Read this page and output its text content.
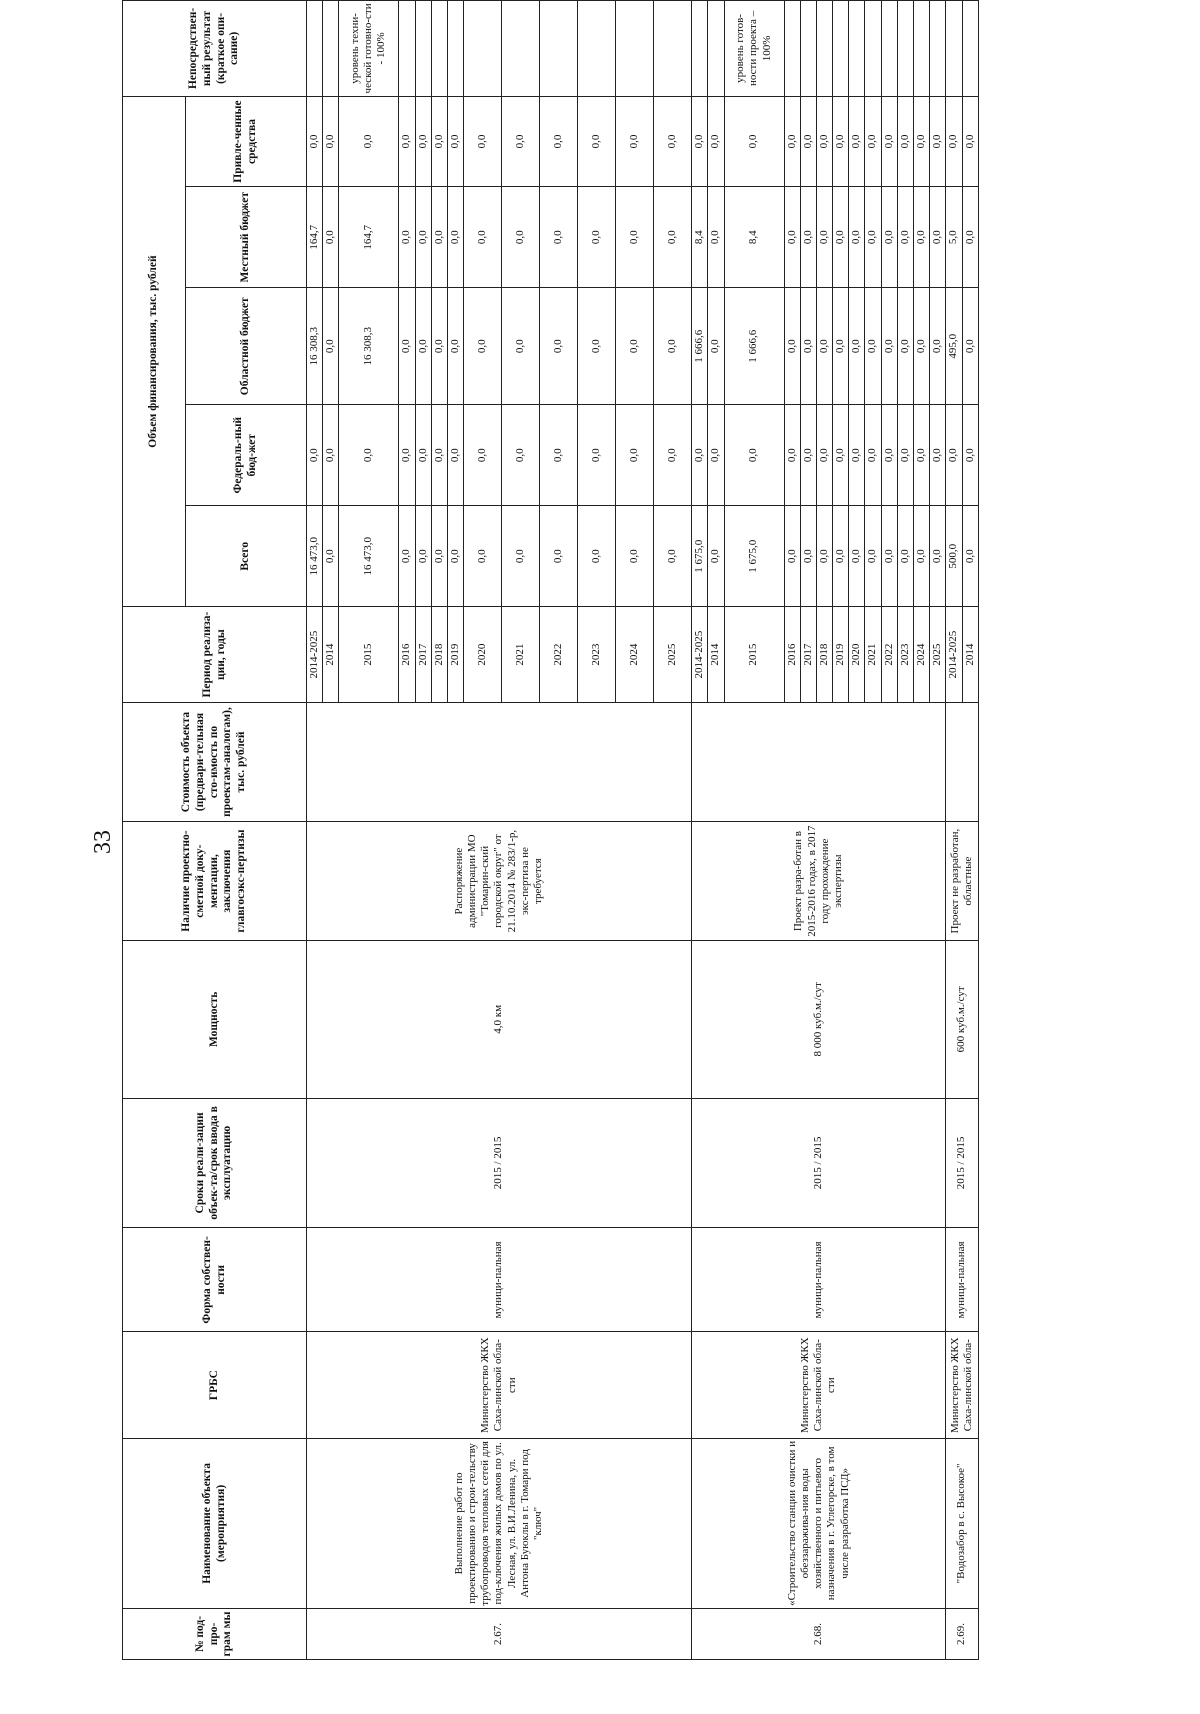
33
№ под-про-грам мы	Наименование объекта (мероприятия)	ГРБС	Форма собствен-ности	Сроки реали-зации объек-та/срок ввода в эксплуатацию	Мощность	Наличие проектно-сметной доку-ментации, заключения главгосэкс-пертизы	Стоимость объекта (предвари-тельная сто-имость по проектам-аналогам), тыс. рублей	Период реализа-ции, годы	Объем финансирования, тыс. рублей					Непосредствен-ный результат (краткое опи-сание)
									Всего	Федераль-ный бюд-жет	Областной бюджет	Местный бюджет	Привле-ченные средства	
2.67.	Выполнение работ по проектированию и строи-тельству трубопроводов тепловых сетей для под-ключения жилых домов по ул. Лесная, ул. В.И.Ленина, ул. Антона Буюклы в г. Томари под "ключ"	Министерство ЖКХ Саха-линской обла-сти	муници-пальная	2015 / 2015	4,0 км	Распоряжение администрации МО "Томарин-ский городской округ" от 21.10.2014 № 283/1-р, экс-пертиза не требуется		2014-2025	16 473,0	0,0	16 308,3	164,7	0,0	
								2014	0,0	0,0	0,0	0,0	0,0	
								2015	16 473,0	0,0	16 308,3	164,7	0,0	уровень техни-ческой готовно-сти - 100%
								2016	0,0	0,0	0,0	0,0	0,0	
								2017	0,0	0,0	0,0	0,0	0,0	
								2018	0,0	0,0	0,0	0,0	0,0	
								2019	0,0	0,0	0,0	0,0	0,0	
								2020	0,0	0,0	0,0	0,0	0,0	
								2021	0,0	0,0	0,0	0,0	0,0	
								2022	0,0	0,0	0,0	0,0	0,0	
								2023	0,0	0,0	0,0	0,0	0,0	
								2024	0,0	0,0	0,0	0,0	0,0	
								2025	0,0	0,0	0,0	0,0	0,0	
2.68.	«Строительство станции очистки и обеззаражива-ния воды хозяйственного и питьевого назначения в г. Углегорске, в том числе разработка ПСД»	Министерство ЖКХ Саха-линской обла-сти	муници-пальная	2015 / 2015	8 000 куб.м./сут	Проект разра-ботан в 2015-2016 годах, в 2017 году прохождение экспертизы		2014-2025	1 675,0	0,0	1 666,6	8,4	0,0	
								2014	0,0	0,0	0,0	0,0	0,0	
								2015	1 675,0	0,0	1 666,6	8,4	0,0	уровень готов-ности проекта – 100%
								2016	0,0	0,0	0,0	0,0	0,0	
								2017	0,0	0,0	0,0	0,0	0,0	
								2018	0,0	0,0	0,0	0,0	0,0	
								2019	0,0	0,0	0,0	0,0	0,0	
								2020	0,0	0,0	0,0	0,0	0,0	
								2021	0,0	0,0	0,0	0,0	0,0	
								2022	0,0	0,0	0,0	0,0	0,0	
								2023	0,0	0,0	0,0	0,0	0,0	
								2024	0,0	0,0	0,0	0,0	0,0	
								2025	0,0	0,0	0,0	0,0	0,0	
2.69.	"Водозабор в с. Высокое"	Министерство ЖКХ Саха-линской обла-	муници-пальная	2015 / 2015	600 куб.м./сут	Проект не разработан, областные		2014-2025	500,0	0,0	495,0	5,0	0,0	
								2014	0,0	0,0	0,0	0,0	0,0	
